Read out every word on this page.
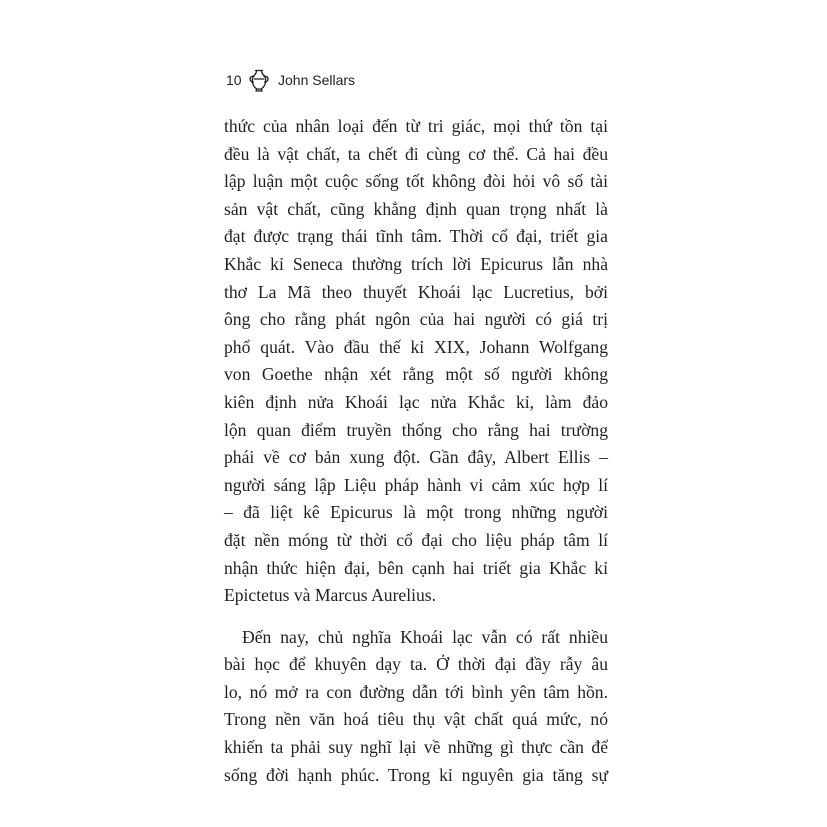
10	John Sellars
thức của nhân loại đến từ tri giác, mọi thứ tồn tại
đều là vật chất, ta chết đi cùng cơ thể. Cả hai đều
lập luận một cuộc sống tốt không đòi hỏi vô số tài
sản vật chất, cũng khẳng định quan trọng nhất là
đạt được trạng thái tĩnh tâm. Thời cổ đại, triết gia
Khắc kỉ Seneca thường trích lời Epicurus lẫn nhà
thơ La Mã theo thuyết Khoái lạc Lucretius, bởi
ông cho rằng phát ngôn của hai người có giá trị
phổ quát. Vào đầu thế kỉ XIX, Johann Wolfgang
von Goethe nhận xét rằng một số người không
kiên định nửa Khoái lạc nửa Khắc kỉ, làm đảo
lộn quan điểm truyền thống cho rằng hai trường
phái về cơ bản xung đột. Gần đây, Albert Ellis –
người sáng lập Liệu pháp hành vi cảm xúc hợp lí
– đã liệt kê Epicurus là một trong những người
đặt nền móng từ thời cổ đại cho liệu pháp tâm lí
nhận thức hiện đại, bên cạnh hai triết gia Khắc kỉ
Epictetus và Marcus Aurelius.
Đến nay, chủ nghĩa Khoái lạc vẫn có rất nhiều
bài học để khuyên dạy ta. Ở thời đại đầy rẫy âu
lo, nó mở ra con đường dẫn tới bình yên tâm hồn.
Trong nền văn hoá tiêu thụ vật chất quá mức, nó
khiến ta phải suy nghĩ lại về những gì thực cần để
sống đời hạnh phúc. Trong kỉ nguyên gia tăng sự
